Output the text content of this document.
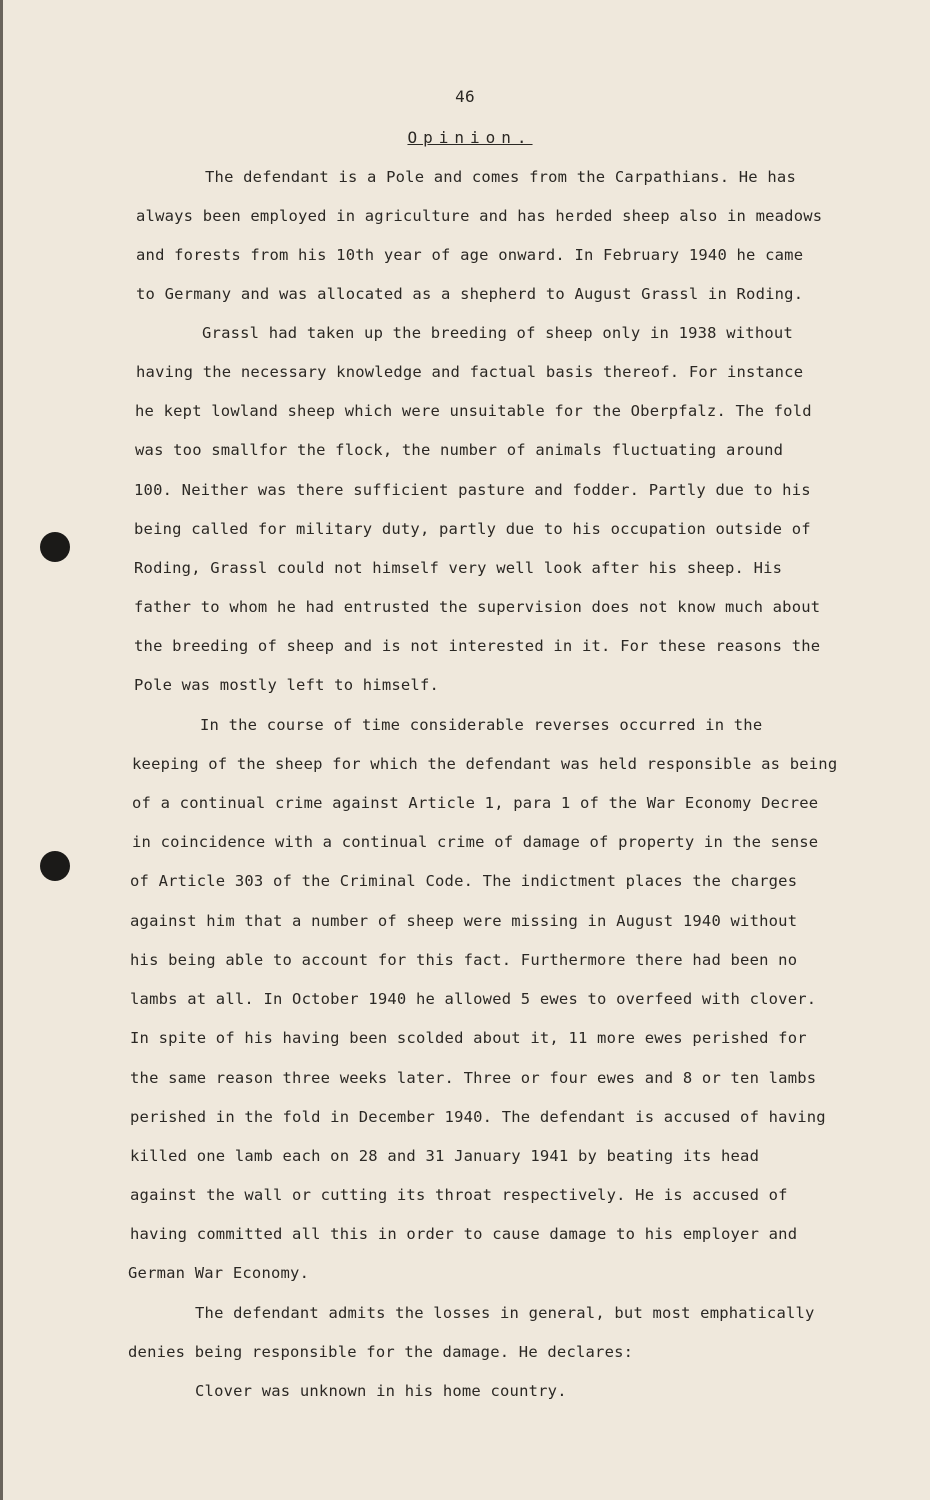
46
Opinion.
The defendant is a Pole and comes from the Carpathians. He has
always been employed in agriculture and has herded sheep also in meadows
and forests from his 10th year of age onward. In February 1940 he came
to Germany and was allocated as a shepherd to August Grassl in Roding.
Grassl had taken up the breeding of sheep only in 1938 without
having the necessary knowledge and factual basis thereof. For instance
he kept lowland sheep which were unsuitable for the Oberpfalz. The fold
was too smallfor the flock, the number of animals fluctuating around
100. Neither was there sufficient pasture and fodder. Partly due to his
being called for military duty, partly due to his occupation outside of
Roding, Grassl could not himself very well look after his sheep. His
father to whom he had entrusted the supervision does not know much about
the breeding of sheep and is not interested in it. For these reasons the
Pole was mostly left to himself.
In the course of time considerable reverses occurred in the
keeping of the sheep for which the defendant was held responsible as being
of a continual crime against Article 1, para 1 of the War Economy Decree
in coincidence with a continual crime of damage of property in the sense
of Article 303 of the Criminal Code. The indictment places the charges
against him that a number of sheep were missing in August 1940 without
his being able to account for this fact. Furthermore there had been no
lambs at all. In October 1940 he allowed 5 ewes to overfeed with clover.
In spite of his having been scolded about it, 11 more ewes perished for
the same reason three weeks later. Three or four ewes and 8 or ten lambs
perished in the fold in December 1940. The defendant is accused of having
killed one lamb each on 28 and 31 January 1941 by beating its head
against the wall or cutting its throat respectively. He is accused of
having committed all this in order to cause damage to his employer and
German War Economy.
The defendant admits the losses in general, but most emphatically
denies being responsible for the damage. He declares:
Clover was unknown in his home country.
